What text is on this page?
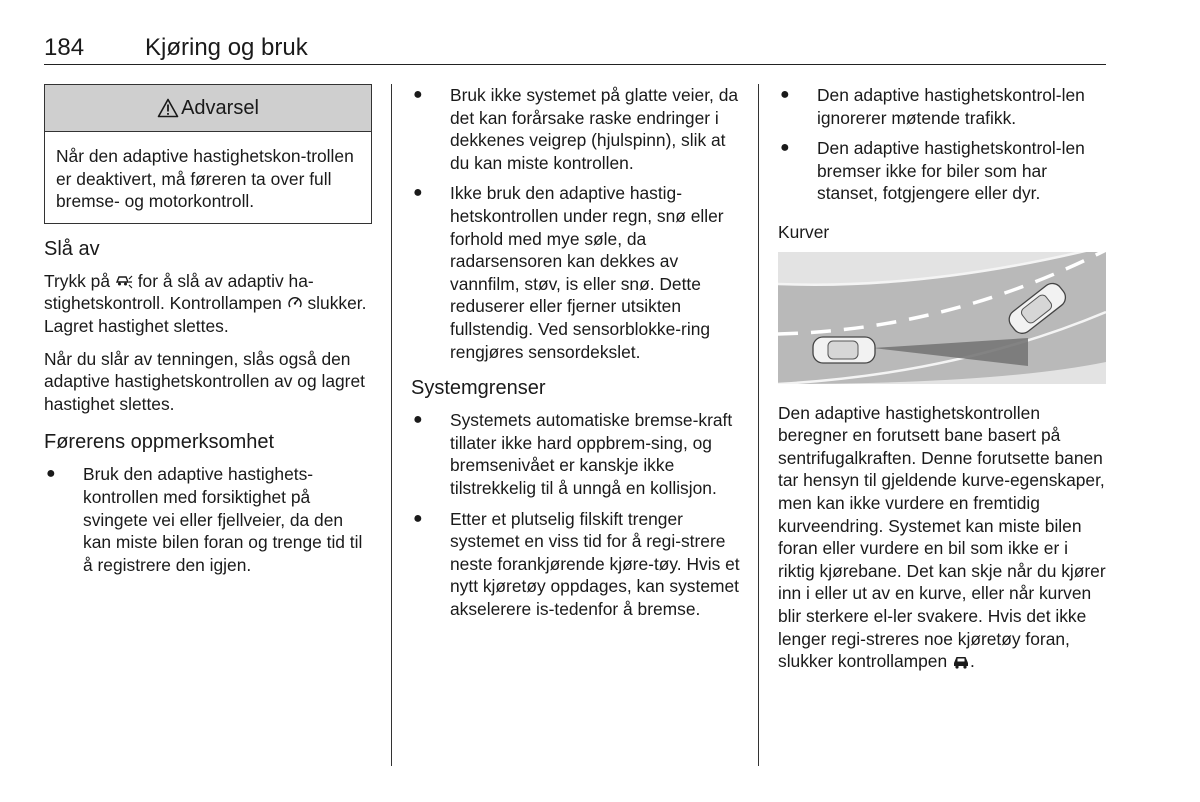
184	Kjøring og bruk
Advarsel
Når den adaptive hastighetskon-trollen er deaktivert, må føreren ta over full bremse- og motorkontroll.
Slå av

Trykk på for å slå av adaptiv ha-stighetskontroll. Kontrollampen slukker. Lagret hastighet slettes.

Når du slår av tenningen, slås også den adaptive hastighetskontrollen av og lagret hastighet slettes.

Førerens oppmerksomhet
● Bruk den adaptive hastighets-kontrollen med forsiktighet på svingete vei eller fjellveier, da den kan miste bilen foran og trenge tid til å registrere den igjen.
● Bruk ikke systemet på glatte veier, da det kan forårsake raske endringer i dekkenes veigrep (hjulspinn), slik at du kan miste kontrollen.
● Ikke bruk den adaptive hastig-hetskontrollen under regn, snø eller forhold med mye søle, da radarsensoren kan dekkes av vannfilm, støv, is eller snø. Dette reduserer eller fjerner utsikten fullstendig. Ved sensorblokke-ring rengjøres sensordekslet.
Systemgrenser
● Systemets automatiske bremse-kraft tillater ikke hard oppbrem-sing, og bremsenivået er kanskje ikke tilstrekkelig til å unngå en kollisjon.
● Etter et plutselig filskift trenger systemet en viss tid for å regi-strere neste forankjørende kjøre-tøy. Hvis et nytt kjøretøy oppdages, kan systemet akselerere is-tedenfor å bremse.
● Den adaptive hastighetskontrol-len ignorerer møtende trafikk.
● Den adaptive hastighetskontrol-len bremser ikke for biler som har stanset, fotgjengere eller dyr.
Kurver

Den adaptive hastighetskontrollen beregner en forutsett bane basert på sentrifugalkraften. Denne forutsette banen tar hensyn til gjeldende kurve-egenskaper, men kan ikke vurdere en fremtidig kurveendring. Systemet kan miste bilen foran eller vurdere en bil som ikke er i riktig kjørebane. Det kan skje når du kjører inn i eller ut av en kurve, eller når kurven blir sterkere el-ler svakere. Hvis det ikke lenger regi-streres noe kjøretøy foran, slukker kontrollampen .
